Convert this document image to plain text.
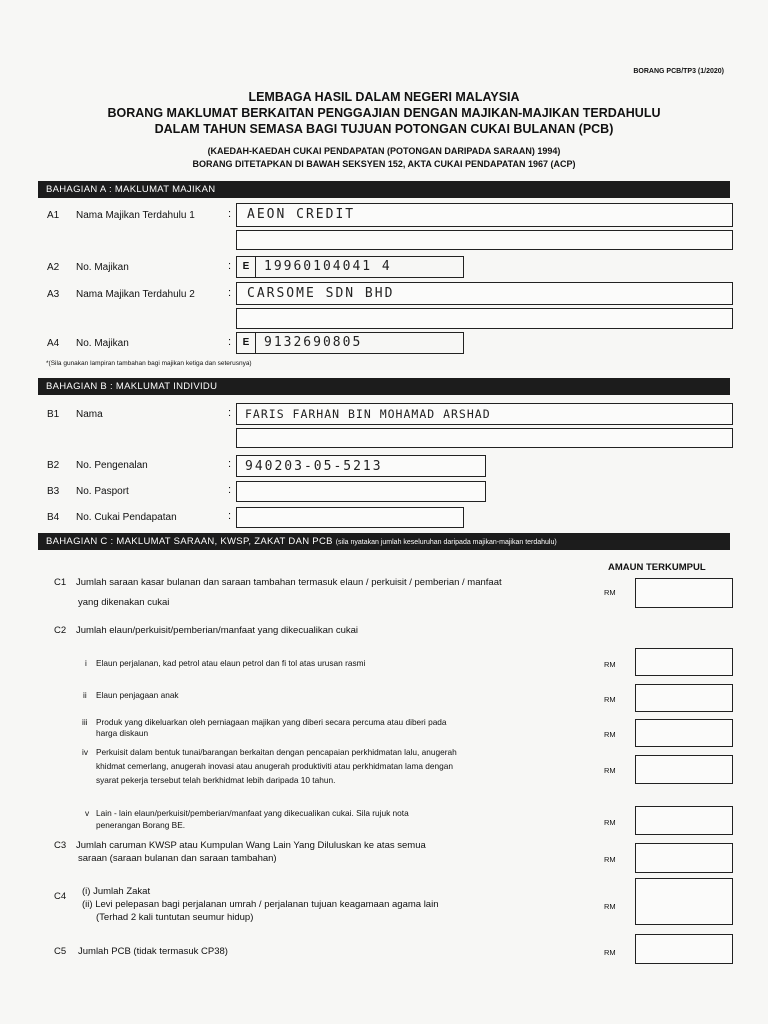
BORANG PCB/TP3 (1/2020)
LEMBAGA HASIL DALAM NEGERI MALAYSIA
BORANG MAKLUMAT BERKAITAN PENGGAJIAN DENGAN MAJIKAN-MAJIKAN TERDAHULU
DALAM TAHUN SEMASA BAGI TUJUAN POTONGAN CUKAI BULANAN (PCB)
(KAEDAH-KAEDAH CUKAI PENDAPATAN (POTONGAN DARIPADA SARAAN) 1994)
BORANG DITETAPKAN DI BAWAH SEKSYEN 152, AKTA CUKAI PENDAPATAN 1967 (ACP)
BAHAGIAN A : MAKLUMAT MAJIKAN
A1 Nama Majikan Terdahulu 1	: AEON CREDIT
A2 No. Majikan	:	E	19960104041 4
A3 Nama Majikan Terdahulu 2	: CARSOME SDN BHD
A4 No. Majikan	:	E	9132690805
*(Sila gunakan lampiran tambahan bagi majikan ketiga dan seterusnya)
BAHAGIAN B : MAKLUMAT INDIVIDU
B1 Nama	: FARIS FARHAN BIN MOHAMAD ARSHAD
B2 No. Pengenalan	: 940203-05-5213
B3 No. Pasport	:
B4 No. Cukai Pendapatan	:
BAHAGIAN C : MAKLUMAT SARAAN, KWSP, ZAKAT DAN PCB (sila nyatakan jumlah keseluruhan daripada majikan-majikan terdahulu)
AMAUN TERKUMPUL
C1 Jumlah saraan kasar bulanan dan saraan tambahan termasuk elaun / perkuisit / pemberian / manfaat
yang dikenakan cukai
RM
C2 Jumlah elaun/perkuisit/pemberian/manfaat yang dikecualikan cukai
i Elaun perjalanan, kad petrol atau elaun petrol dan fi tol atas urusan rasmi	RM
ii Elaun penjagaan anak	RM
iii Produk yang dikeluarkan oleh perniagaan majikan yang diberi secara percuma atau diberi pada
harga diskaun	RM
iv Perkuisit dalam bentuk tunai/barangan berkaitan dengan pencapaian perkhidmatan lalu, anugerah
khidmat cemerlang, anugerah inovasi atau anugerah produktiviti atau perkhidmatan lama dengan
syarat pekerja tersebut telah berkhidmat lebih daripada 10 tahun.
RM
v Lain - lain elaun/perkuisit/pemberian/manfaat yang dikecualikan cukai. Sila rujuk nota
penerangan Borang BE.	RM
C3 Jumlah caruman KWSP atau Kumpulan Wang Lain Yang Diluluskan ke atas semua
saraan (saraan bulanan dan saraan tambahan)	RM
C4 (i) Jumlah Zakat
(ii) Levi pelepasan bagi perjalanan umrah / perjalanan tujuan keagamaan agama lain
(Terhad 2 kali tuntutan seumur hidup)
RM
C5 Jumlah PCB (tidak termasuk CP38)	RM
